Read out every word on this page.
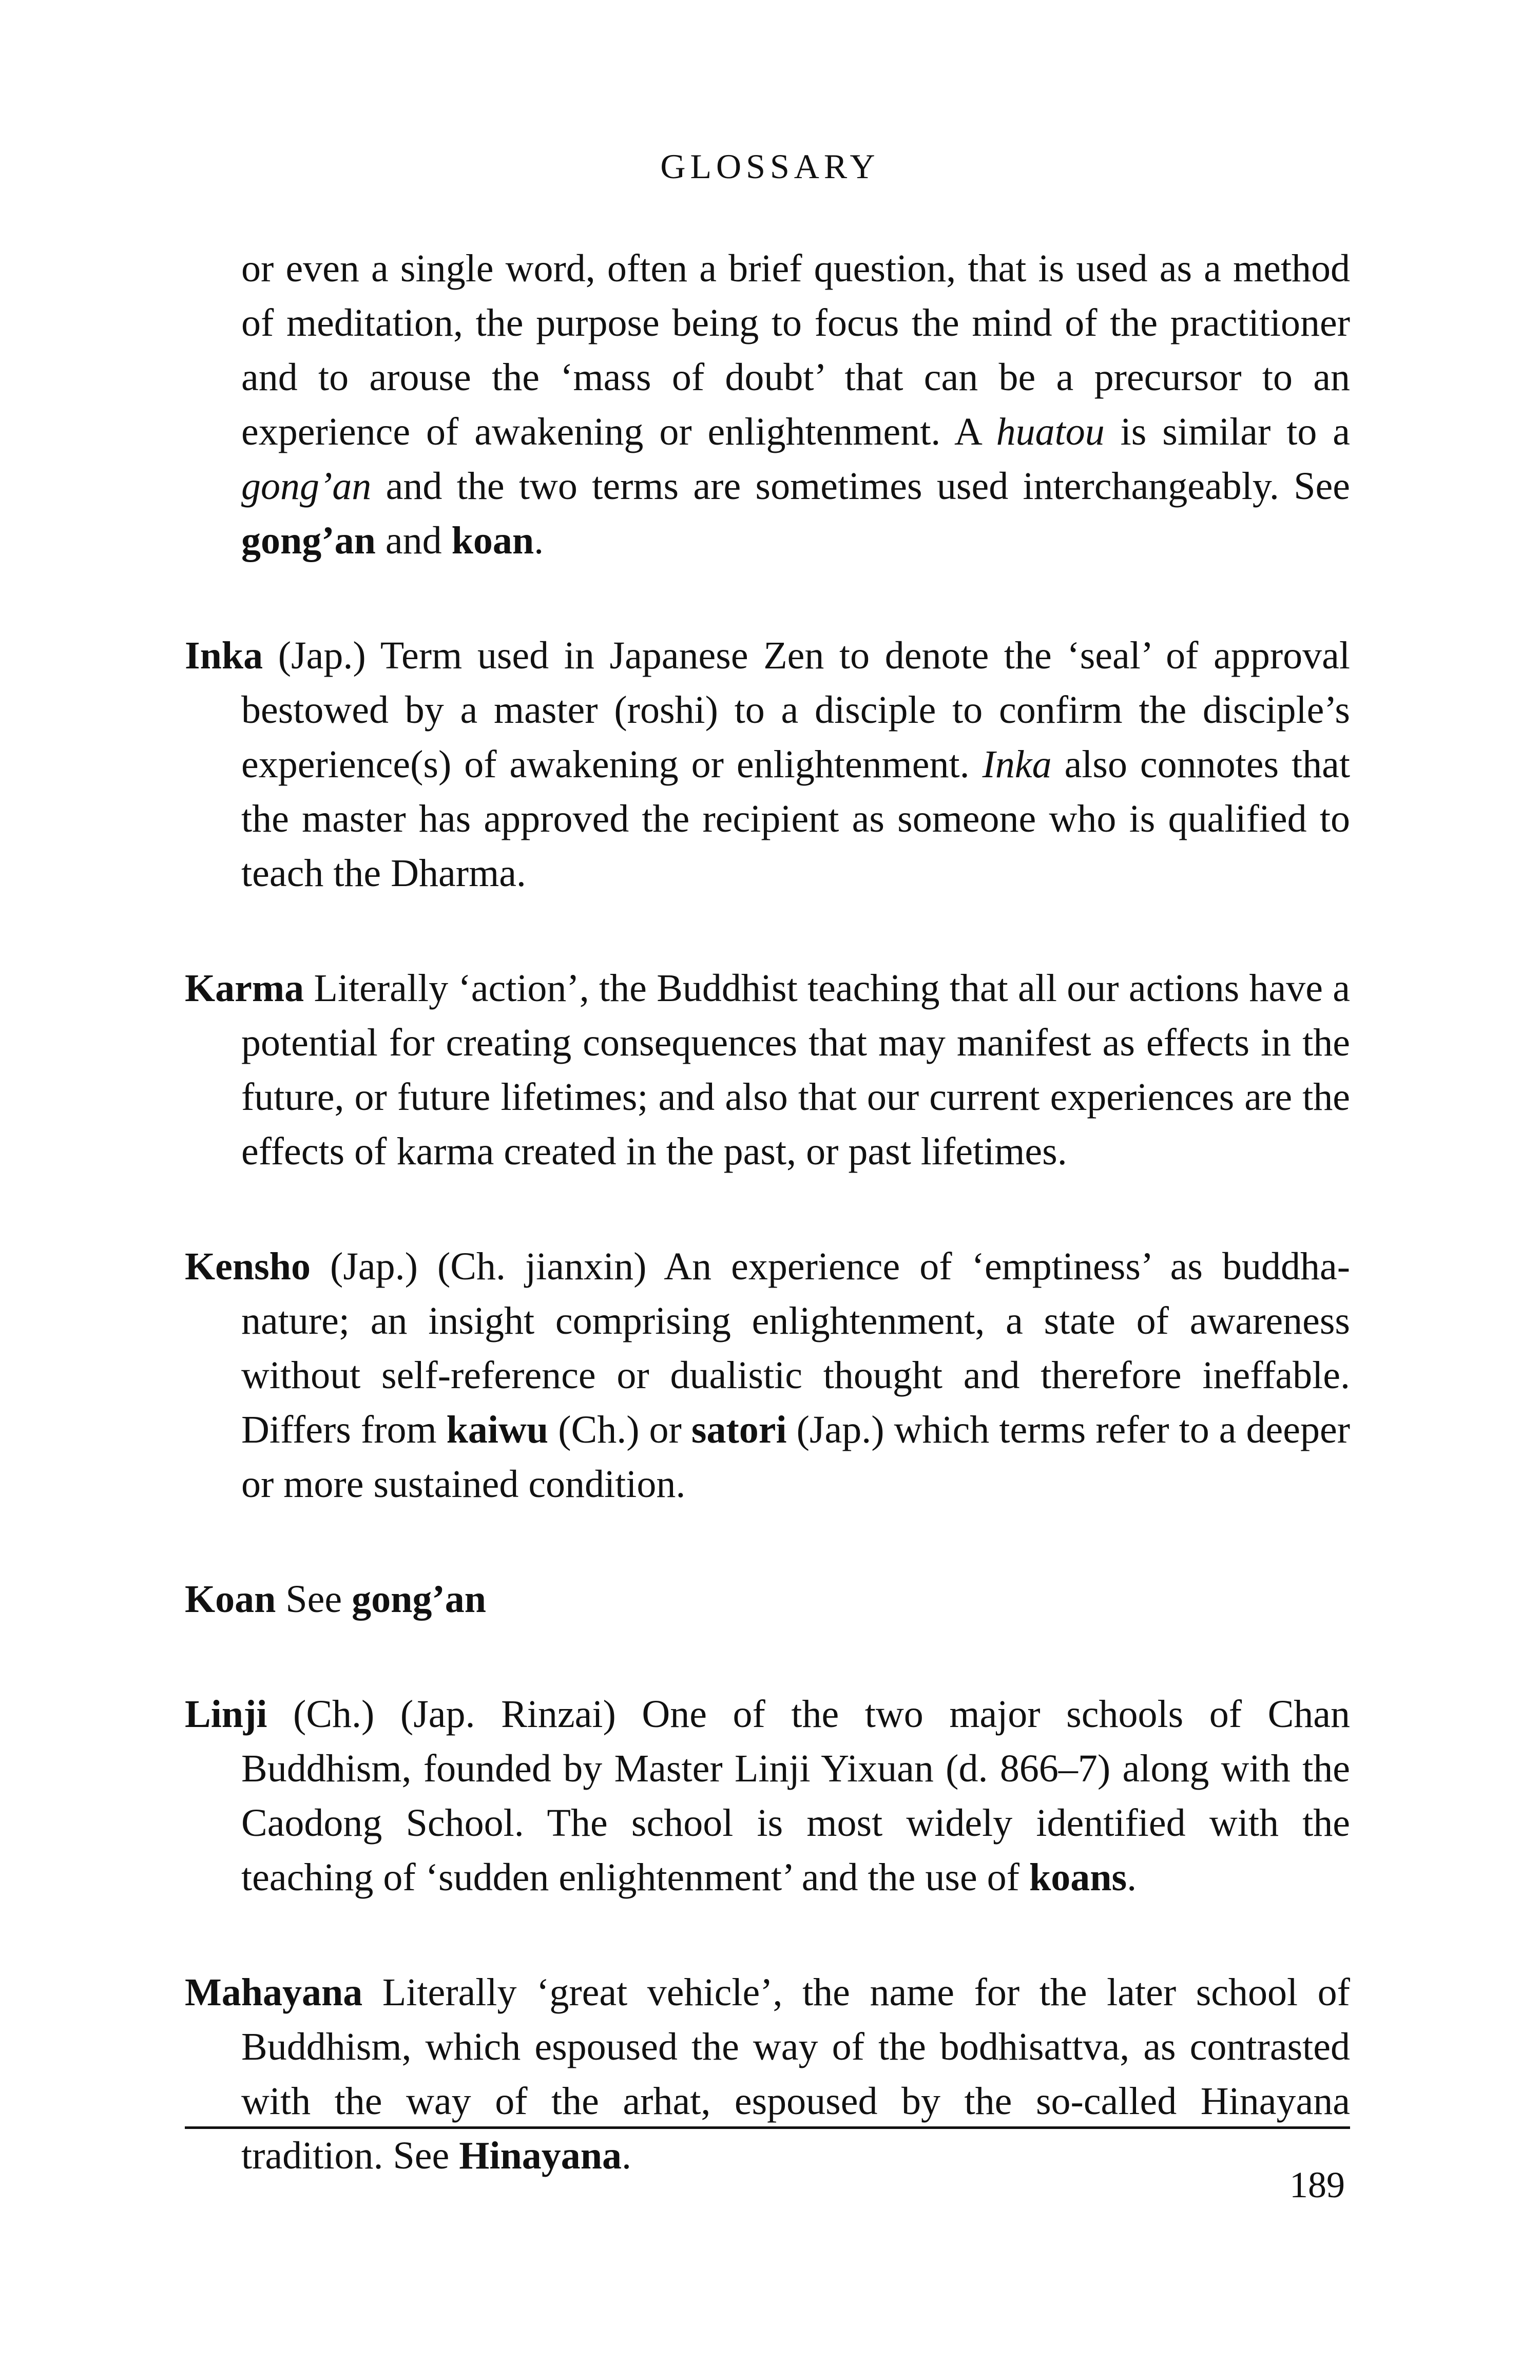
GLOSSARY

or even a single word, often a brief question, that is used as a method of meditation, the purpose being to focus the mind of the practitioner and to arouse the ‘mass of doubt’ that can be a precursor to an experience of awakening or enlightenment. A huatou is similar to a gong’an and the two terms are sometimes used interchangeably. See gong’an and koan.

Inka (Jap.) Term used in Japanese Zen to denote the ‘seal’ of approval bestowed by a master (roshi) to a disciple to confirm the disciple’s experience(s) of awakening or enlightenment. Inka also connotes that the master has approved the recipient as someone who is qualified to teach the Dharma.

Karma Literally ‘action’, the Buddhist teaching that all our actions have a potential for creating consequences that may manifest as effects in the future, or future lifetimes; and also that our current experiences are the effects of karma created in the past, or past lifetimes.

Kensho (Jap.) (Ch. jianxin) An experience of ‘emptiness’ as buddha-nature; an insight comprising enlightenment, a state of awareness without self-reference or dualistic thought and therefore ineffable. Differs from kaiwu (Ch.) or satori (Jap.) which terms refer to a deeper or more sustained condition.

Koan See gong’an

Linji (Ch.) (Jap. Rinzai) One of the two major schools of Chan Buddhism, founded by Master Linji Yixuan (d. 866–7) along with the Caodong School. The school is most widely identified with the teaching of ‘sudden enlightenment’ and the use of koans.

Mahayana Literally ‘great vehicle’, the name for the later school of Buddhism, which espoused the way of the bodhisattva, as contrasted with the way of the arhat, espoused by the so-called Hinayana tradition. See Hinayana.

189
